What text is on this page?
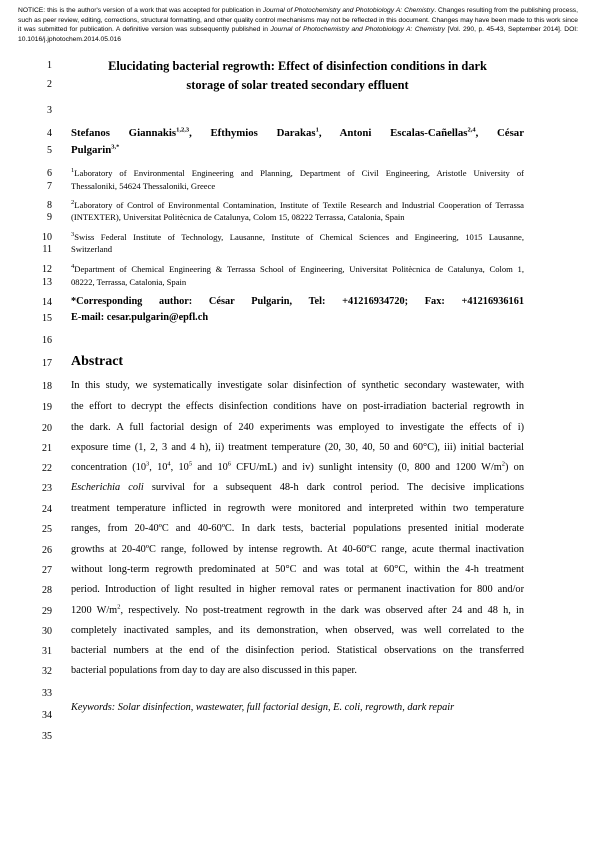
NOTICE: this is the author's version of a work that was accepted for publication in Journal of Photochemistry and Photobiology A: Chemistry. Changes resulting from the publishing process, such as peer review, editing, corrections, structural formatting, and other quality control mechanisms may not be reflected in this document. Changes may have been made to this work since it was submitted for publication. A definitive version was subsequently published in Journal of Photochemistry and Photobiology A: Chemistry [Vol. 290, p. 45-43, September 2014]. DOI: 10.1016/j.jphotochem.2014.05.016
1
2
3
4
5
6
7
8
9
10
11
12
13
14
15
16
17
18
19
20
21
22
23
24
25
26
27
28
29
30
31
32
33
34
35
Elucidating bacterial regrowth: Effect of disinfection conditions in dark
storage of solar treated secondary effluent
Stefanos Giannakis$^{1,2,3}$, Efthymios Darakas$^1$, Antoni Escalas-Cañellas$^{2,4}$, César
Pulgarin$^{3,*}$
$^1$Laboratory of Environmental Engineering and Planning, Department of Civil Engineering, Aristotle University of
Thessaloniki, 54624 Thessaloniki, Greece
$^2$Laboratory of Control of Environmental Contamination, Institute of Textile Research and Industrial Cooperation of Terrassa
(INTEXTER), Universitat Politècnica de Catalunya, Colom 15, 08222 Terrassa, Catalonia, Spain
$^3$Swiss Federal Institute of Technology, Lausanne, Institute of Chemical Sciences and Engineering, 1015 Lausanne,
Switzerland
$^4$Department of Chemical Engineering & Terrassa School of Engineering, Universitat Politècnica de Catalunya, Colom 1,
08222, Terrassa, Catalonia, Spain
*Corresponding author: César Pulgarin, Tel: +41216934720; Fax: +41216936161
E-mail: cesar.pulgarin@epfl.ch
Abstract
In this study, we systematically investigate solar disinfection of synthetic secondary wastewater, with
the effort to decrypt the effects disinfection conditions have on post-irradiation bacterial regrowth in
the dark. A full factorial design of 240 experiments was employed to investigate the effects of i)
exposure time (1, 2, 3 and 4 h), ii) treatment temperature (20, 30, 40, 50 and 60°C), iii) initial bacterial
concentration ($10^3$, $10^4$, $10^5$ and $10^6$ CFU/mL) and iv) sunlight intensity (0, 800 and 1200 $W/m^2$) on
Escherichia coli survival for a subsequent 48-h dark control period. The decisive implications
treatment temperature inflicted in regrowth were monitored and interpreted within two temperature
ranges, from 20-40ºC and 40-60ºC. In dark tests, bacterial populations presented initial moderate
growths at 20-40ºC range, followed by intense regrowth. At 40-60ºC range, acute thermal inactivation
without long-term regrowth predominated at 50°C and was total at 60°C, within the 4-h treatment
period. Introduction of light resulted in higher removal rates or permanent inactivation for 800 and/or
1200 $W/m^2$, respectively. No post-treatment regrowth in the dark was observed after 24 and 48 h, in
completely inactivated samples, and its demonstration, when observed, was well correlated to the
bacterial numbers at the end of the disinfection period. Statistical observations on the transferred
bacterial populations from day to day are also discussed in this paper.
Keywords: Solar disinfection, wastewater, full factorial design, E. coli, regrowth, dark repair
